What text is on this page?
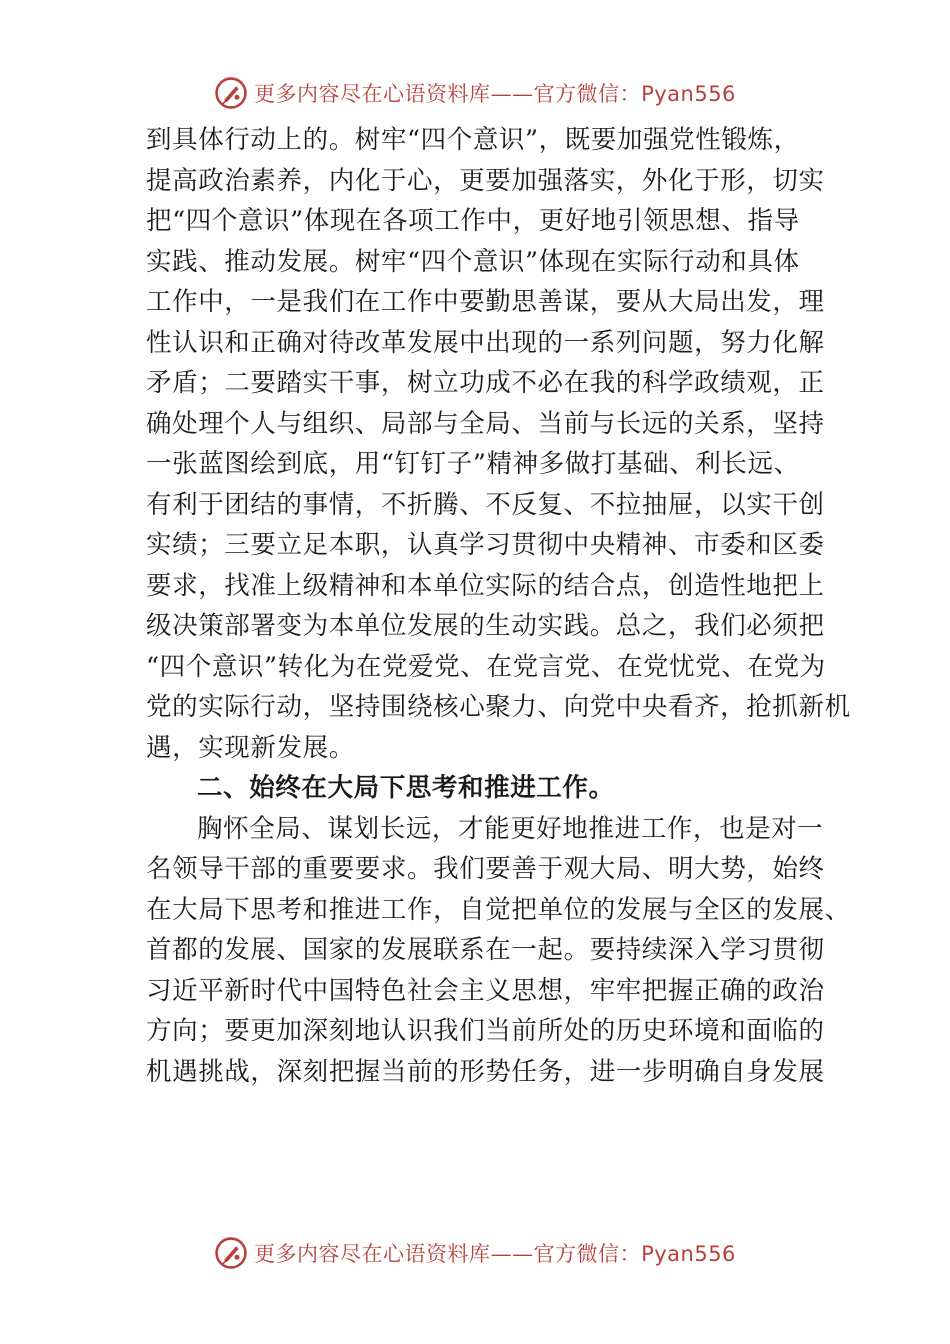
更多内容尽在心语资料库——官方微信：Pyan556
到具体行动上的。树牢“四个意识”，既要加强党性锻炼，
提高政治素养，内化于心，更要加强落实，外化于形，切实
把“四个意识”体现在各项工作中，更好地引领思想、指导
实践、推动发展。树牢“四个意识”体现在实际行动和具体
工作中，一是我们在工作中要勤思善谋，要从大局出发，理
性认识和正确对待改革发展中出现的一系列问题，努力化解
矛盾；二要踏实干事，树立功成不必在我的科学政绩观，正
确处理个人与组织、局部与全局、当前与长远的关系，坚持
一张蓝图绘到底，用“钉钉子”精神多做打基础、利长远、
有利于团结的事情，不折腾、不反复、不拉抽屉，以实干创
实绩；三要立足本职，认真学习贯彻中央精神、市委和区委
要求，找准上级精神和本单位实际的结合点，创造性地把上
级决策部署变为本单位发展的生动实践。总之，我们必须把
“四个意识”转化为在党爱党、在党言党、在党忧党、在党为
党的实际行动，坚持围绕核心聚力、向党中央看齐，抢抓新机
遇，实现新发展。
二、始终在大局下思考和推进工作。
胸怀全局、谋划长远，才能更好地推进工作，也是对一
名领导干部的重要要求。我们要善于观大局、明大势，始终
在大局下思考和推进工作，自觉把单位的发展与全区的发展、
首都的发展、国家的发展联系在一起。要持续深入学习贯彻
习近平新时代中国特色社会主义思想，牢牢把握正确的政治
方向；要更加深刻地认识我们当前所处的历史环境和面临的
机遇挑战，深刻把握当前的形势任务，进一步明确自身发展
更多内容尽在心语资料库——官方微信：Pyan556
